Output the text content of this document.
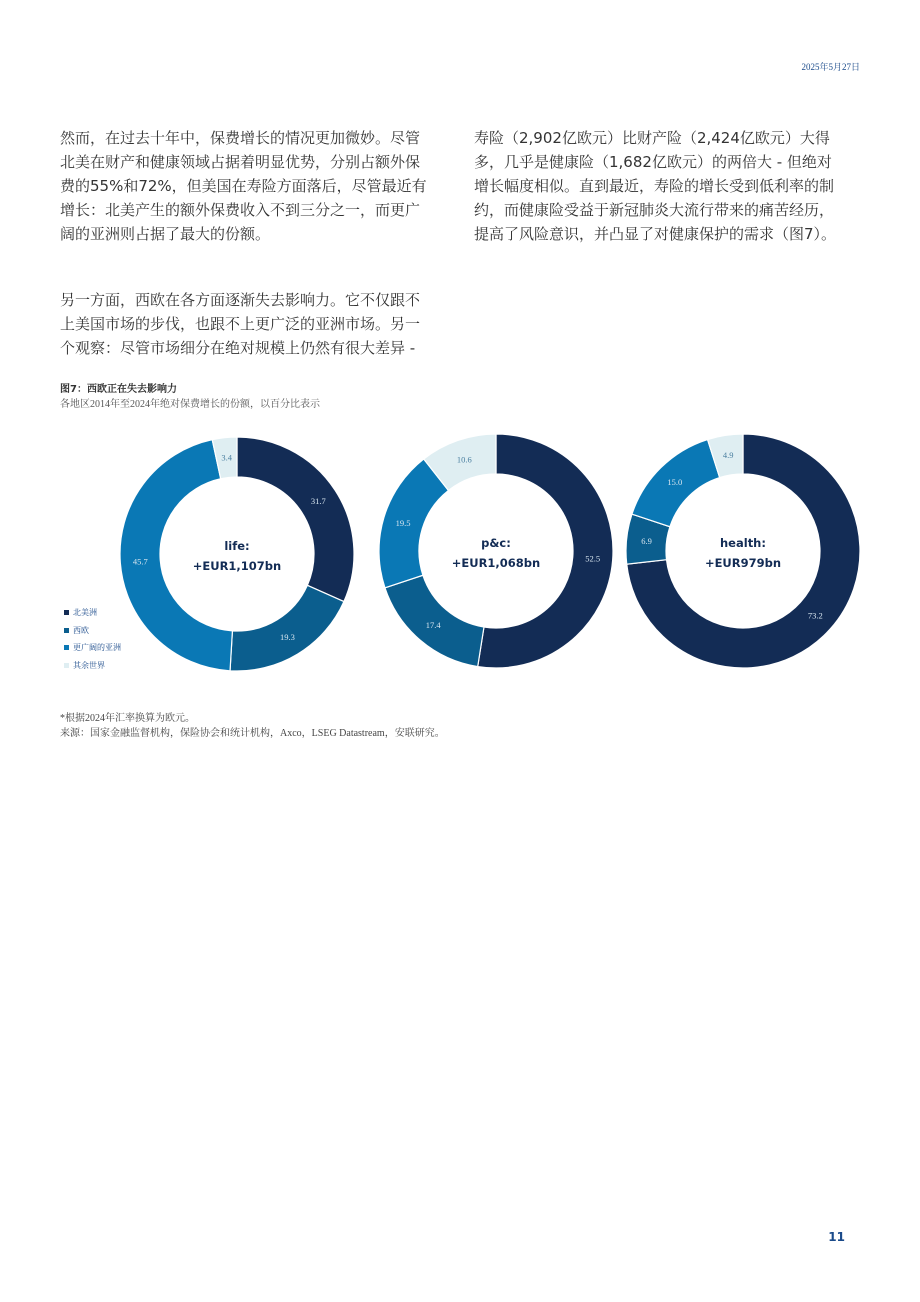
2025年5月27日

然而，在过去十年中，保费增长的情况更加微妙。尽管北美在财产和健康领域占据着明显优势，分别占额外保费的55%和72%，但美国在寿险方面落后，尽管最近有增长：北美产生的额外保费收入不到三分之一，而更广阔的亚洲则占据了最大的份额。

另一方面，西欧在各方面逐渐失去影响力。它不仅跟不上美国市场的步伐，也跟不上更广泛的亚洲市场。另一个观察：尽管市场细分在绝对规模上仍然有很大差异 -

寿险（2,902亿欧元）比财产险（2,424亿欧元）大得多，几乎是健康险（1,682亿欧元）的两倍大 - 但绝对增长幅度相似。直到最近，寿险的增长受到低利率的制约，而健康险受益于新冠肺炎大流行带来的痛苦经历，提高了风险意识，并凸显了对健康保护的需求（图7）。

图7：西欧正在失去影响力
各地区2014年至2024年绝对保费增长的份额，以百分比表示
31.7
19.3
45.7
3.4
life:
+EUR1,107bn
52.5
17.4
19.5
10.6
p&c:
+EUR1,068bn
73.2
6.9
15.0
4.9
health:
+EUR979bn
北美洲
西欧
更广阔的亚洲
其余世界
*根据2024年汇率换算为欧元。
来源：国家金融监督机构，保险协会和统计机构，Axco，LSEG Datastream，安联研究。
11
